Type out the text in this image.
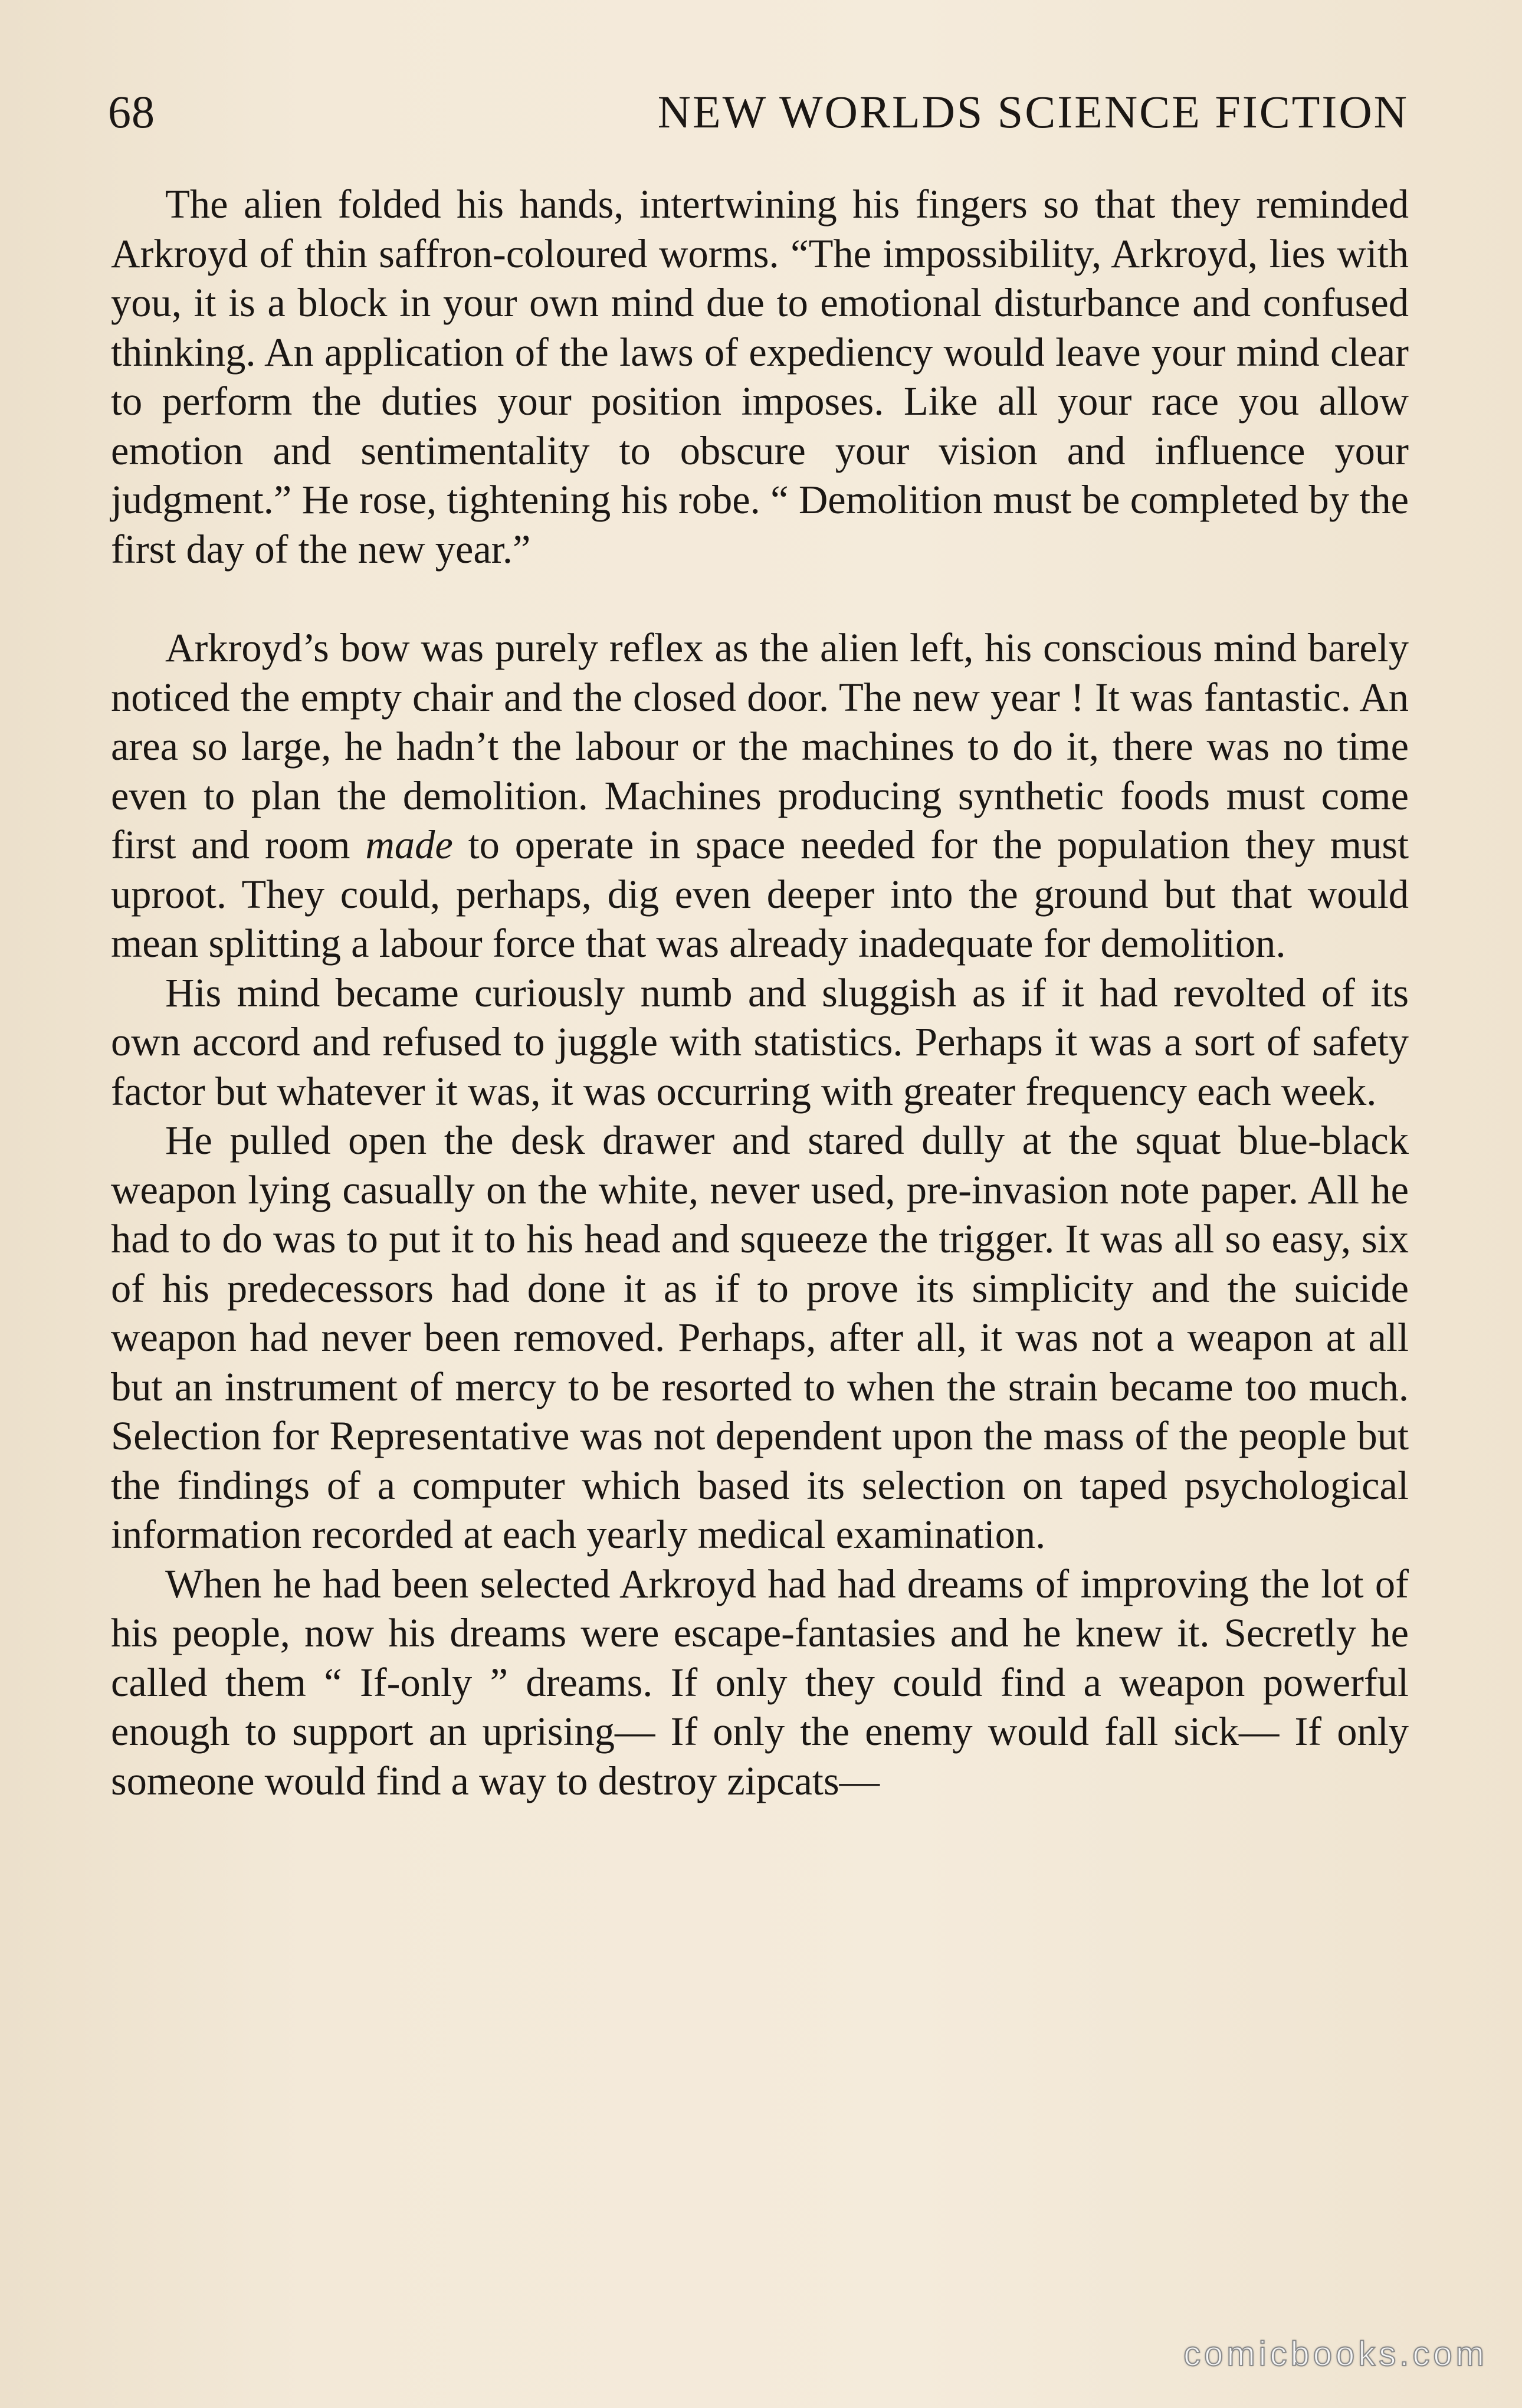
68	NEW WORLDS SCIENCE FICTION

The alien folded his hands, intertwining his fingers so that they reminded Arkroyd of thin saffron-coloured worms. “The impossibility, Arkroyd, lies with you, it is a block in your own mind due to emotional disturbance and confused thinking. An application of the laws of expediency would leave your mind clear to perform the duties your position imposes. Like all your race you allow emotion and sentimentality to obscure your vision and influence your judgment.” He rose, tightening his robe. “ Demolition must be completed by the first day of the new year.”

Arkroyd’s bow was purely reflex as the alien left, his conscious mind barely noticed the empty chair and the closed door. The new year ! It was fantastic. An area so large, he hadn’t the labour or the machines to do it, there was no time even to plan the demolition. Machines producing synthetic foods must come first and room made to operate in space needed for the population they must uproot. They could, perhaps, dig even deeper into the ground but that would mean splitting a labour force that was already inadequate for demolition.

His mind became curiously numb and sluggish as if it had revolted of its own accord and refused to juggle with statistics. Perhaps it was a sort of safety factor but whatever it was, it was occurring with greater frequency each week.

He pulled open the desk drawer and stared dully at the squat blue-black weapon lying casually on the white, never used, pre-invasion note paper. All he had to do was to put it to his head and squeeze the trigger. It was all so easy, six of his predecessors had done it as if to prove its simplicity and the suicide weapon had never been removed. Perhaps, after all, it was not a weapon at all but an instrument of mercy to be resorted to when the strain became too much. Selection for Representative was not dependent upon the mass of the people but the findings of a computer which based its selection on taped psychological information recorded at each yearly medical examination.

When he had been selected Arkroyd had had dreams of improving the lot of his people, now his dreams were escape-fantasies and he knew it. Secretly he called them “ If-only ” dreams. If only they could find a weapon powerful enough to support an uprising— If only the enemy would fall sick— If only someone would find a way to destroy zipcats—

comicbooks.com
